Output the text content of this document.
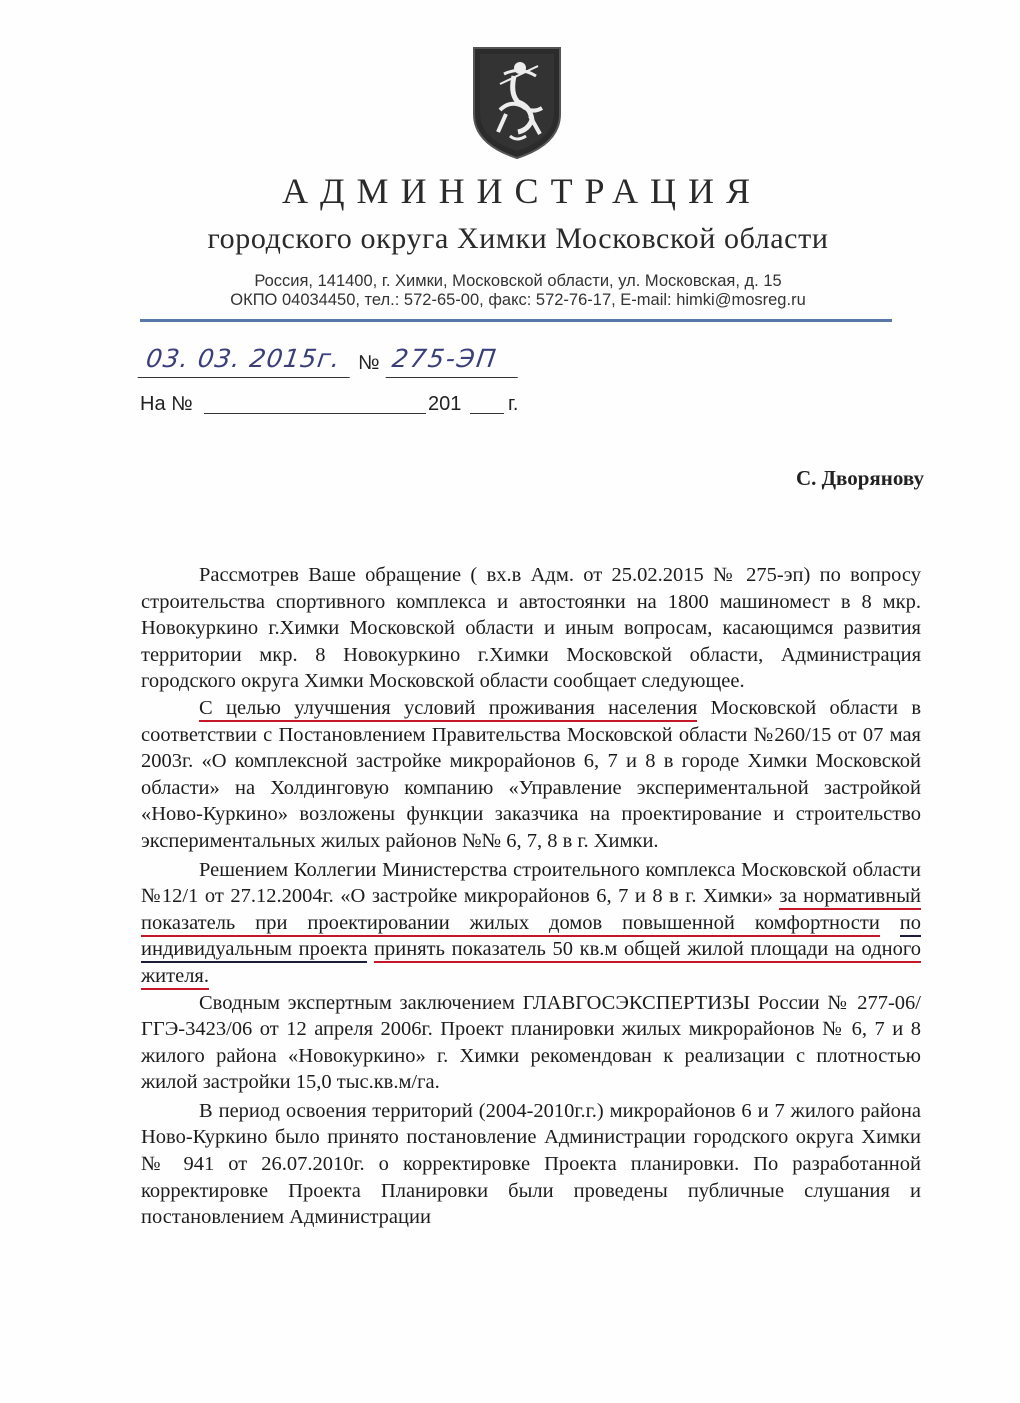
АДМИНИСТРАЦИЯ
городского округа Химки Московской области
Россия, 141400, г. Химки, Московской области, ул. Московская, д. 15
ОКПО 04034450, тел.: 572-65-00, факс: 572-76-17, E-mail: himki@mosreg.ru
03. 03. 2015г. № 275-ЭП
На №	201 г.
С. Дворянову

Рассмотрев Ваше обращение ( вх.в Адм. от 25.02.2015 № 275-эп) по вопросу строительства спортивного комплекса и автостоянки на 1800 машиномест в 8 мкр. Новокуркино г.Химки Московской области и иным вопросам, касающимся развития территории мкр. 8 Новокуркино г.Химки Московской области, Администрация городского округа Химки Московской области сообщает следующее.

С целью улучшения условий проживания населения Московской области в соответствии с Постановлением Правительства Московской области №260/15 от 07 мая 2003г. «О комплексной застройке микрорайонов 6, 7 и 8 в городе Химки Московской области» на Холдинговую компанию «Управление экспериментальной застройкой «Ново-Куркино» возложены функции заказчика на проектирование и строительство экспериментальных жилых районов №№ 6, 7, 8 в г. Химки.

Решением Коллегии Министерства строительного комплекса Московской области №12/1 от 27.12.2004г. «О застройке микрорайонов 6, 7 и 8 в г. Химки» за нормативный показатель при проектировании жилых домов повышенной комфортности по индивидуальным проекта принять показатель 50 кв.м общей жилой площади на одного жителя.

Сводным экспертным заключением ГЛАВГОСЭКСПЕРТИЗЫ России № 277-06/ГГЭ-3423/06 от 12 апреля 2006г. Проект планировки жилых микрорайонов № 6, 7 и 8 жилого района «Новокуркино» г. Химки рекомендован к реализации с плотностью жилой застройки 15,0 тыс.кв.м/га.

В период освоения территорий (2004-2010г.г.) микрорайонов 6 и 7 жилого района Ново-Куркино было принято постановление Администрации городского округа Химки № 941 от 26.07.2010г. о корректировке Проекта планировки. По разработанной корректировке Проекта Планировки были проведены публичные слушания и постановлением Администрации
